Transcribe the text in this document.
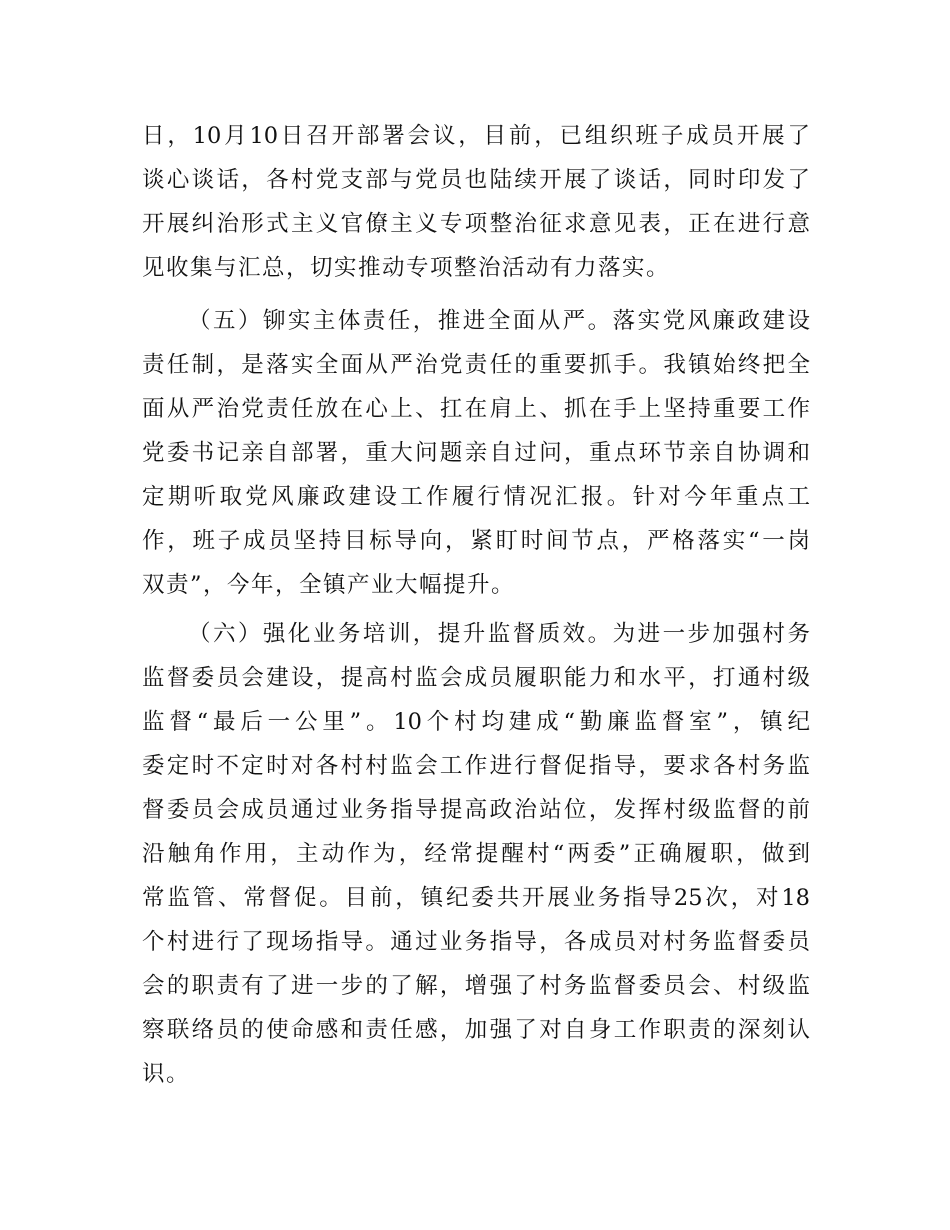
日，10月10日召开部署会议，目前，已组织班子成员开展了
谈心谈话，各村党支部与党员也陆续开展了谈话，同时印发了
开展纠治形式主义官僚主义专项整治征求意见表，正在进行意
见收集与汇总，切实推动专项整治活动有力落实。
（五）铆实主体责任，推进全面从严。落实党风廉政建设
责任制，是落实全面从严治党责任的重要抓手。我镇始终把全
面从严治党责任放在心上、扛在肩上、抓在手上坚持重要工作
党委书记亲自部署，重大问题亲自过问，重点环节亲自协调和
定期听取党风廉政建设工作履行情况汇报。针对今年重点工
作，班子成员坚持目标导向，紧盯时间节点，严格落实“一岗
双责”，今年，全镇产业大幅提升。
（六）强化业务培训，提升监督质效。为进一步加强村务
监督委员会建设，提高村监会成员履职能力和水平，打通村级
监督“最后一公里”。10个村均建成“勤廉监督室”，镇纪
委定时不定时对各村村监会工作进行督促指导，要求各村务监
督委员会成员通过业务指导提高政治站位，发挥村级监督的前
沿触角作用，主动作为，经常提醒村“两委”正确履职，做到
常监管、常督促。目前，镇纪委共开展业务指导25次，对18
个村进行了现场指导。通过业务指导，各成员对村务监督委员
会的职责有了进一步的了解，增强了村务监督委员会、村级监
察联络员的使命感和责任感，加强了对自身工作职责的深刻认
识。
